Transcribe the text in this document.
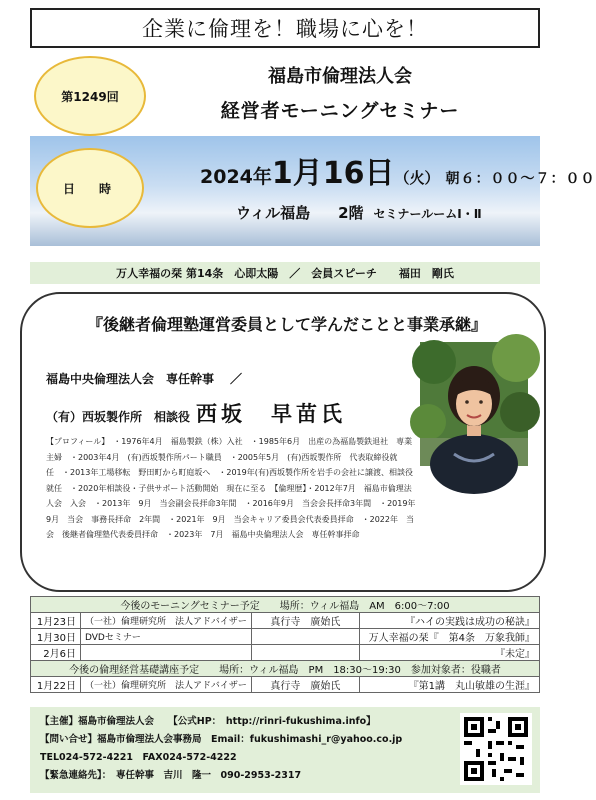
企業に倫理を！職場に心を！
第1249回
日　時
福島市倫理法人会
経営者モーニングセミナー
2024年1月16日（火） 朝６：００～７：００
ウィル福島 2階 セミナールームⅠ・Ⅱ
万人幸福の栞 第14条　心即太陽　／　会員スピーチ　　福田　剛氏
『後継者倫理塾運営委員として学んだことと事業承継』
福島中央倫理法人会　専任幹事 ／
（有）西坂製作所　相談役 西坂　早苗氏
【プロフィール】　・1976年4月　福島製鉄（株）入社　・1985年6月　出産の為福島製鉄退社　専業主婦　・2003年4月　(有)西坂製作所パート職員　・2005年5月　(有)西坂製作所　代表取締役就任　・2013年工場移転　野田町から町庭坂へ　・2019年(有)西坂製作所を岩手の会社に譲渡、相談役就任　・2020年相談役・子供サポート活動開始　現在に至る　【倫理歴】・2012年7月　福島市倫理法人会　入会　・2013年　9月　当会副会長拝命3年間　・2016年9月　当会会長拝命3年間　・2019年　9月　当会　事務長拝命　2年間　・2021年　9月　当会キャリア委員会代表委員拝命　・2022年　当会　後継者倫理塾代表委員拝命　・2023年　7月　福島中央倫理法人会　専任幹事拝命
今後のモーニングセミナー予定　　場所：ウィル福島　AM　6:00～7:00			
1月23日	（一社）倫理研究所　法人アドバイザー	真行寺　廣始氏	『ハイの実践は成功の秘訣』
1月30日	DVDセミナー		万人幸福の栞『　第4条　万象我師』
2月6日			『未定』
今後の倫理経営基礎講座予定　　場所：ウィル福島　PM　18:30～19:30　参加対象者：役職者			
1月22日	（一社）倫理研究所　法人アドバイザー	真行寺　廣始氏	『第1講　丸山敏雄の生涯』
【主催】福島市倫理法人会　　【公式HP：　http://rinri-fukushima.info】
【問い合せ】福島市倫理法人会事務局　Email：fukushimashi_r@yahoo.co.jp
TEL024-572-4221　FAX024-572-4222
【緊急連絡先】：　専任幹事　吉川　隆一　090-2953-2317
